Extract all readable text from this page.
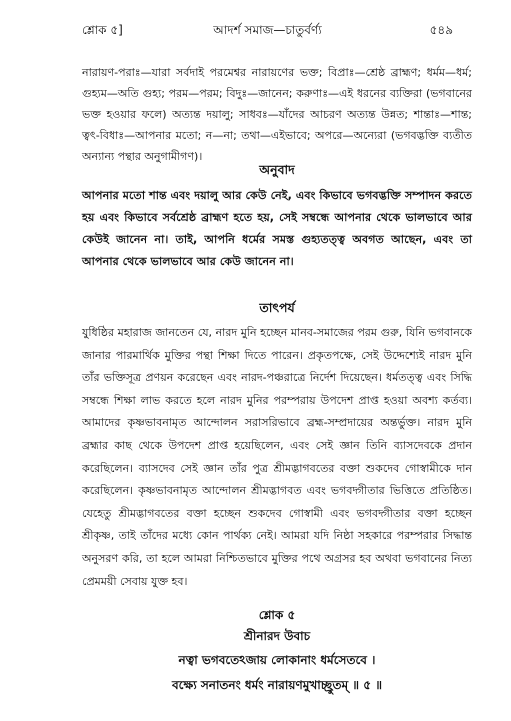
শ্লোক ৫]	আদর্শ সমাজ—চাতুর্বর্ণ্য	৫৪৯

নারায়ণ-পরাঃ—যারা সর্বদাই পরমেশ্বর নারায়ণের ভক্ত; বিপ্রাঃ—শ্রেষ্ঠ ব্রাহ্মণ; ধর্মম—ধর্ম; গুহ্যম—অতি গুহ্য; পরম—পরম; বিদুঃ—জানেন; করুণাঃ—এই ধরনের ব্যক্তিরা (ভগবানের ভক্ত হওয়ার ফলে) অত্যন্ত দয়ালু; সাধবঃ—যাঁদের আচরণ অত্যন্ত উন্নত; শান্তাঃ—শান্ত; ত্বৎ-বিধাঃ—আপনার মতো; ন—না; তথা—এইভাবে; অপরে—অন্যেরা (ভগবদ্ভক্তি ব্যতীত অন্যান্য পন্থার অনুগামীগণ)।

অনুবাদ

আপনার মতো শান্ত এবং দয়ালু আর কেউ নেই, এবং কিভাবে ভগবদ্ভক্তি সম্পাদন করতে হয় এবং কিভাবে সর্বশ্রেষ্ঠ ব্রাহ্মণ হতে হয়, সেই সম্বন্ধে আপনার থেকে ভালভাবে আর কেউই জানেন না। তাই, আপনি ধর্মের সমস্ত গুহ্যতত্ত্ব অবগত আছেন, এবং তা আপনার থেকে ভালভাবে আর কেউ জানেন না।

তাৎপর্য

যুধিষ্ঠির মহারাজ জানতেন যে, নারদ মুনি হচ্ছেন মানব-সমাজের পরম গুরু, যিনি ভগবানকে জানার পারমার্থিক মুক্তির পন্থা শিক্ষা দিতে পারেন। প্রকৃতপক্ষে, সেই উদ্দেশ্যেই নারদ মুনি তাঁর ভক্তিসূত্র প্রণয়ন করেছেন এবং নারদ-পঞ্চরাত্রে নির্দেশ দিয়েছেন। ধর্মতত্ত্ব এবং সিদ্ধি সম্বন্ধে শিক্ষা লাভ করতে হলে নারদ মুনির পরম্পরায় উপদেশ প্রাপ্ত হওয়া অবশ্য কর্তব্য। আমাদের কৃষ্ণভাবনামৃত আন্দোলন সরাসরিভাবে ব্রহ্ম-সম্প্রদায়ের অন্তর্ভুক্ত। নারদ মুনি ব্রহ্মার কাছ থেকে উপদেশ প্রাপ্ত হয়েছিলেন, এবং সেই জ্ঞান তিনি ব্যাসদেবকে প্রদান করেছিলেন। ব্যাসদেব সেই জ্ঞান তাঁর পুত্র শ্রীমদ্ভাগবতের বক্তা শুকদেব গোস্বামীকে দান করেছিলেন। কৃষ্ণভাবনামৃত আন্দোলন শ্রীমদ্ভাগবত এবং ভগবদ্গীতার ভিত্তিতে প্রতিষ্ঠিত। যেহেতু শ্রীমদ্ভাগবতের বক্তা হচ্ছেন শুকদেব গোস্বামী এবং ভগবদ্গীতার বক্তা হচ্ছেন শ্রীকৃষ্ণ, তাই তাঁদের মধ্যে কোন পার্থক্য নেই। আমরা যদি নিষ্ঠা সহকারে পরম্পরার সিদ্ধান্ত অনুসরণ করি, তা হলে আমরা নিশ্চিতভাবে মুক্তির পথে অগ্রসর হব অথবা ভগবানের নিত্য প্রেমময়ী সেবায় যুক্ত হব।

শ্লোক ৫
শ্রীনারদ উবাচ
নত্বা ভগবতেঽজায় লোকানাং ধর্মসেতবে ।
বক্ষ্যে সনাতনং ধর্মং নারায়ণমুখাচ্ছ্রুতম্ ॥ ৫ ॥
